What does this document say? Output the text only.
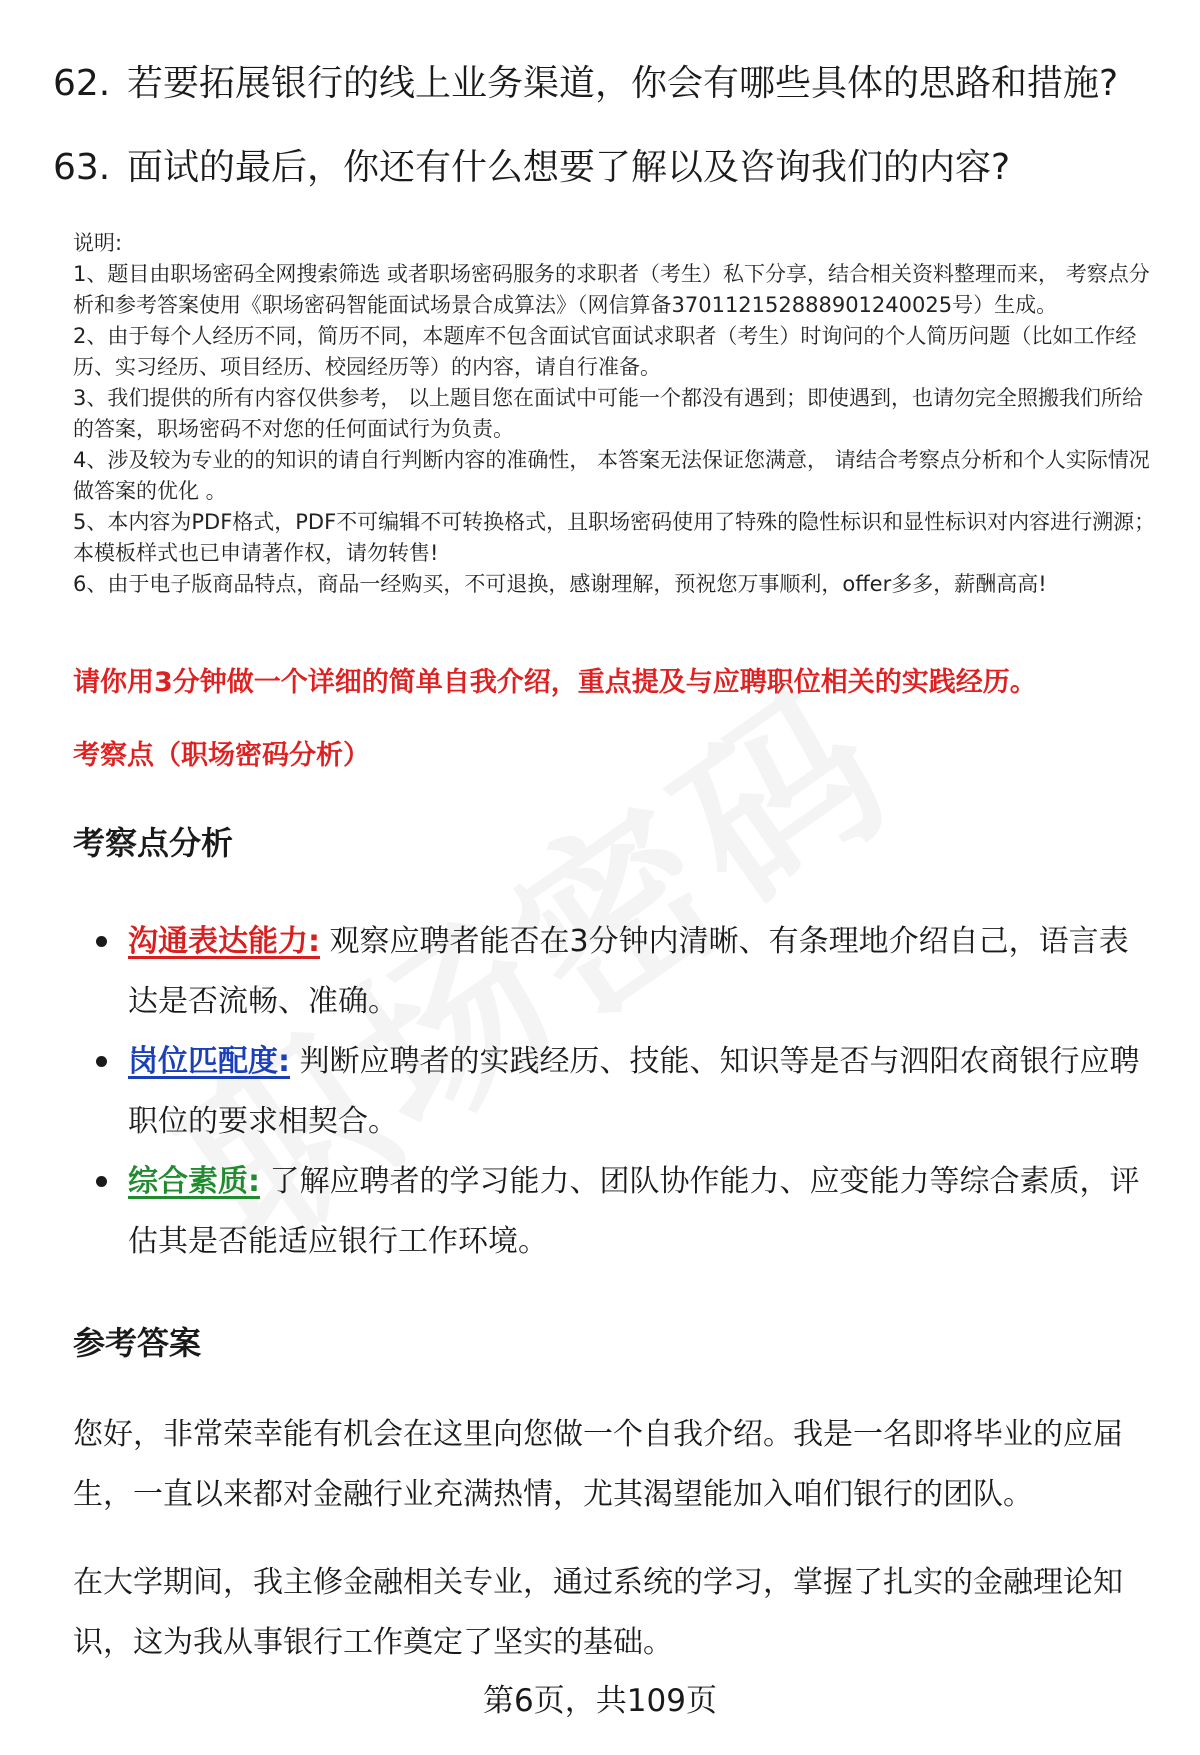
62. 若要拓展银行的线上业务渠道，你会有哪些具体的思路和措施?
63. 面试的最后，你还有什么想要了解以及咨询我们的内容?

说明:

1、题目由职场密码全网搜索筛选 或者职场密码服务的求职者（考生）私下分享，结合相关资料整理而来， 考察点分析和参考答案使用《职场密码智能面试场景合成算法》（网信算备370112152888901240025号）生成。

2、由于每个人经历不同，简历不同，本题库不包含面试官面试求职者（考生）时询问的个人简历问题（比如工作经历、实习经历、项目经历、校园经历等）的内容，请自行准备。

3、我们提供的所有内容仅供参考， 以上题目您在面试中可能一个都没有遇到；即使遇到，也请勿完全照搬我们所给的答案，职场密码不对您的任何面试行为负责。

4、涉及较为专业的的知识的请自行判断内容的准确性， 本答案无法保证您满意， 请结合考察点分析和个人实际情况做答案的优化 。

5、本内容为PDF格式，PDF不可编辑不可转换格式，且职场密码使用了特殊的隐性标识和显性标识对内容进行溯源；本模板样式也已申请著作权，请勿转售!

6、由于电子版商品特点，商品一经购买，不可退换，感谢理解，预祝您万事顺利，offer多多，薪酬高高!

请你用3分钟做一个详细的简单自我介绍，重点提及与应聘职位相关的实践经历。
考察点（职场密码分析）
考察点分析
沟通表达能力: 观察应聘者能否在3分钟内清晰、有条理地介绍自己，语言表达是否流畅、准确。
岗位匹配度: 判断应聘者的实践经历、技能、知识等是否与泗阳农商银行应聘职位的要求相契合。
综合素质: 了解应聘者的学习能力、团队协作能力、应变能力等综合素质，评估其是否能适应银行工作环境。
参考答案

您好，非常荣幸能有机会在这里向您做一个自我介绍。我是一名即将毕业的应届生，一直以来都对金融行业充满热情，尤其渴望能加入咱们银行的团队。

在大学期间，我主修金融相关专业，通过系统的学习，掌握了扎实的金融理论知识，这为我从事银行工作奠定了坚实的基础。

第6页，共109页
